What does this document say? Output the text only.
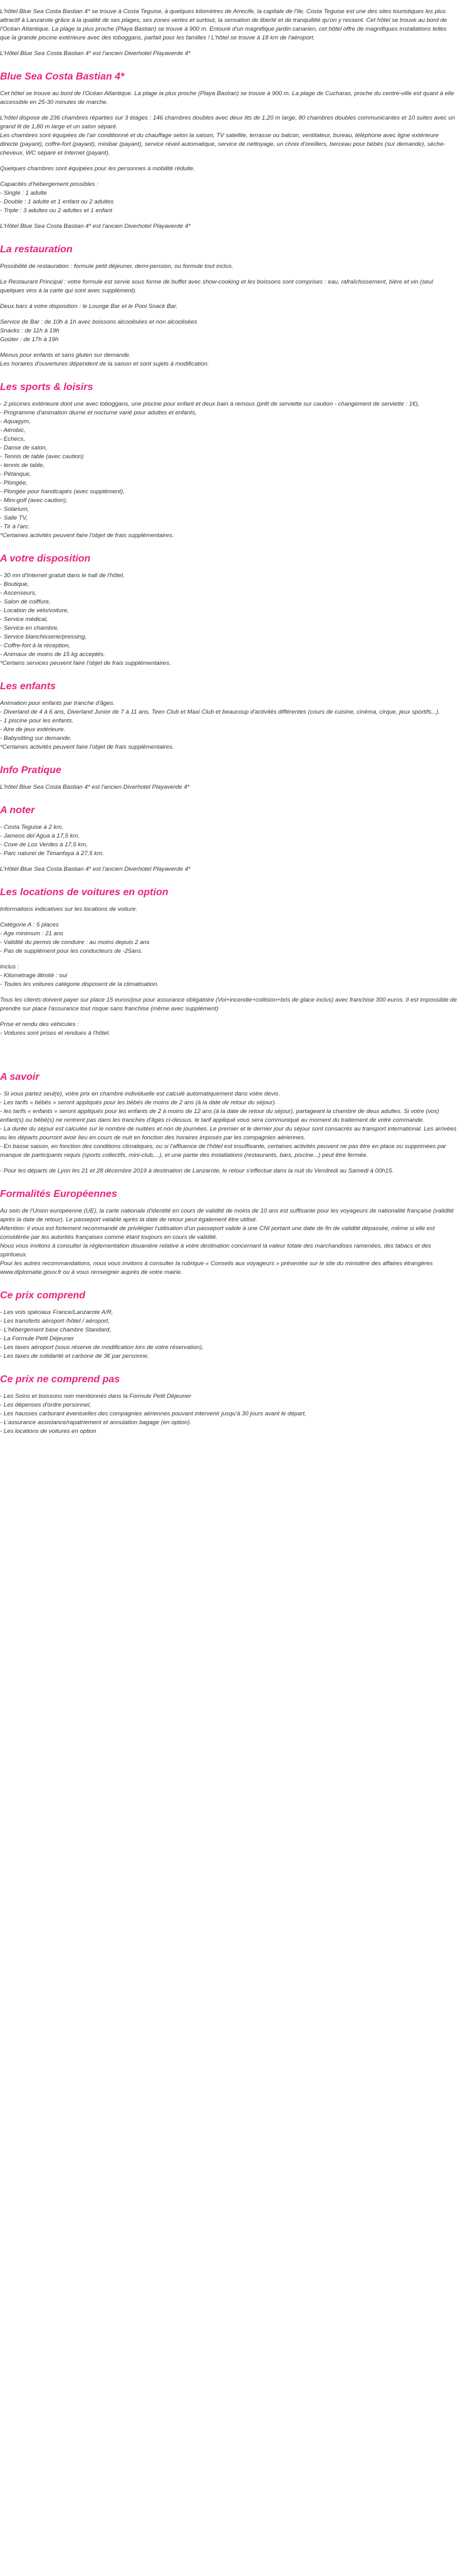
L'hôtel Blue Sea Costa Bastian 4* se trouve à Costa Teguise, à quelques kilomètres de Arrecife, la capitale de l'île. Costa Teguise est une des sites touristiques les plus attractif à Lanzarote grâce à la qualité de ses plages, ses zones vertes et surtout, la sensation de liberté et de tranquillité qu'on y ressent. Cet hôtel se trouve au bord de l'Océan Atlantique. La plage la plus proche (Playa Bastian) se trouve à 900 m. Entouré d'un magnifique jardin canarien, cet hôtel offre de magnifiques installations telles que la grande piscine extérieure avec des toboggans, parfait pour les familles ! L'hôtel se trouve à 18 km de l'aéroport.

L'Hôtel Blue Sea Costa Bastian 4* est l'ancien Diverhotel Playaverde 4*

Blue Sea Costa Bastian 4*

Cet hôtel se trouve au bord de l'Océan Atlantique. La plage la plus proche (Playa Bastian) se trouve à 900 m. La plage de Cucharas, proche du centre-ville est quant à elle accessible en 25-30 minutes de marche.

L'hôtel dispose de 236 chambres réparties sur 3 étages : 146 chambres doubles avec deux lits de 1,20 m large, 80 chambres doubles communicantes et 10 suites avec un grand lit de 1,80 m large et un salon séparé.
Les chambres sont équipées de l'air conditionné et du chauffage selon la saison, TV satellite, terrasse ou balcon, ventilateur, bureau, téléphone avec ligne extérieure directe (payant), coffre-fort (payant), minibar (payant), service réveil automatique, service de nettoyage, un choix d'oreillers, berceau pour bébés (sur demande), sèche-cheveux, WC séparé et Internet (payant).

Quelques chambres sont équipées pour les personnes à mobilité réduite.

Capacités d'hébergement possibles :
- Single : 1 adulte
- Double : 1 adulte et 1 enfant ou 2 adultes
- Triple : 3 adultes ou 2 adultes et 1 enfant

L'Hôtel Blue Sea Costa Bastian 4* est l'ancien Diverhotel Playaverde 4*

La restauration

Possibilité de restauration : formule petit déjeuner, demi-pension, ou formule tout inclus.

Le Restaurant Principal : votre formule est servie sous forme de buffet avec show-cooking et les boissons sont comprises : eau, rafraîchissement, bière et vin (seul quelques vins à la carte qui sont avec supplément).

Deux bars à votre disposition : le Lounge Bar et le Pool Snack Bar.

Service de Bar : de 10h à 1h avec boissons alcoolisées et non alcoolisées
Snacks : de 11h à 19h
Goûter : de 17h à 19h

Menus pour enfants et sans gluten sur demande.
Les horaires d'ouvertures dépendent de la saison et sont sujets à modification.

Les sports & loisirs

- 2 piscines extérieure dont une avec toboggans, une piscine pour enfant et deux bain à remous (prêt de serviette sur caution - changement de serviette : 1€),
- Programme d'animation diurne et nocturne varié pour adultes et enfants,
- Aquagym,
- Aérobic,
- Echecs,
- Danse de salon,
- Tennis de table (avec caution)
- tennis de table,
- Pétanque,
- Plongée,
- Plongée pour handicapés (avec supplément),
- Mini-golf (avec caution),
- Solarium,
- Salle TV,
- Tir à l'arc.
*Certaines activités peuvent faire l'objet de frais supplémentaires.

A votre disposition

- 30 mn d'Internet gratuit dans le hall de l'hôtel,
- Boutique,
- Ascenseurs,
- Salon de coiffure,
- Location de vélo/voiture,
- Service médical,
- Service en chambre,
- Service blanchisserie/pressing,
- Coffre-fort à la réception,
- Animaux de moins de 15 kg acceptés.
*Certains services peuvent faire l'objet de frais supplémentaires.

Les enfants

Animation pour enfants par tranche d'âges.
- Diverland de 4 à 6 ans, Diverland Junior de 7 à 11 ans, Teen Club et Maxi Club et beaucoup d'activités différentes (cours de cuisine, cinéma, cirque, jeux sportifs...).
- 1 piscine pour les enfants.
- Aire de jeux extérieure.
- Babysitting sur demande.
*Certaines activités peuvent faire l'objet de frais supplémentaires.

Info Pratique

L'hôtel Blue Sea Costa Bastian 4* est l'ancien Diverhotel Playaverde 4*

A noter

- Costa Teguise à 2 km,
- Jameos del Agua à 17,5 km,
- Cove de Los Verdes à 17,5 km,
- Parc naturel de Timanfaya à 27,5 km.

L'Hôtel Blue Sea Costa Bastian 4* est l'ancien Diverhotel Playaverde 4*

Les locations de voitures en option

Informations indicatives sur les locations de voiture.

Catégorie A : 5 places
- Age minimum : 21 ans
- Validité du permis de conduire : au moins depuis 2 ans
- Pas de supplément pour les conducteurs de -25ans.

Inclus :
- Kilométrage illimité : oui
- Toutes les voitures catégorie disposent de la climatisation.

Tous les clients doivent payer sur place 15 euros/jour pour assurance obligatoire (Vol+incendie+collision+bris de glace inclus) avec franchise 300 euros. Il est impossible de prendre sur place l'assurance tout risque sans franchise (même avec supplément)

Prise et rendu des véhicules :
- Voitures sont prises et rendues à l'hôtel.

A savoir

- Si vous partez seul(e), votre prix en chambre individuelle est calculé automatiquement dans votre devis.
- Les tarifs « bébés » seront appliqués pour les bébés de moins de 2 ans (à la date de retour du séjour).
- les tarifs « enfants » seront appliqués pour les enfants de 2 à moins de 12 ans (à la date de retour du séjour), partageant la chambre de deux adultes. Si votre (vos) enfant(s) ou bébé(s) ne rentrent pas dans les tranches d'âges ci-dessus, le tarif appliqué vous sera communiqué au moment du traitement de votre commande.
- La durée du séjour est calculée sur le nombre de nuitées et non de journées. Le premier et le dernier jour du séjour sont consacrés au transport international. Les arrivées ou les départs pourront avoir lieu en cours de nuit en fonction des horaires imposés par les compagnies aériennes.
- En basse saison, en fonction des conditions climatiques, ou si l'affluence de l'hôtel est insuffisante, certaines activités peuvent ne pas être en place ou supprimées par manque de participants requis (sports collectifs, mini-club,...), et une partie des installations (restaurants, bars, piscine...) peut être fermée.

- Pour les départs de Lyon les 21 et 28 décembre 2019 à destination de Lanzarote, le retour s'effectue dans la nuit du Vendredi au Samedi à 00h15.

Formalités Européennes

Au sein de l'Union européenne (UE), la carte nationale d'identité en cours de validité de moins de 10 ans est suffisante pour les voyageurs de nationalité française (validité après la date de retour). Le passeport valable après la date de retour peut également être utilisé.
Attention: il vous est fortement recommandé de privilégier l'utilisation d'un passeport valide à une CNI portant une date de fin de validité dépassée, même si elle est considérée par les autorités françaises comme étant toujours en cours de validité.
Nous vous invitons à consulter la réglementation douanière relative à votre destination concernant la valeur totale des marchandises ramenées, des tabacs et des spiritueux.
Pour les autres recommandations, nous vous invitons à consulter la rubrique « Conseils aux voyageurs » présentée sur le site du ministère des affaires étrangères www.diplomatie.gouv.fr ou à vous renseigner auprès de votre mairie.

Ce prix comprend

- Les vols spéciaux France/Lanzarote A/R,
- Les transferts aéroport /hôtel / aéroport,
- L'hébergement base chambre Standard,
- La Formule Petit Déjeuner
- Les taxes aéroport (sous réserve de modification lors de votre réservation),
- Les taxes de solidarité et carbone de 3€ par personne.

Ce prix ne comprend pas

- Les Soins et boissons non mentionnés dans la Formule Petit Déjeuner
- Les dépenses d'ordre personnel,
- Les hausses carburant éventuelles des compagnies aériennes pouvant intervenir jusqu'à 30 jours avant le départ,
- L'assurance assistance/rapatriement et annulation bagage (en option).
- Les locations de voitures en option
